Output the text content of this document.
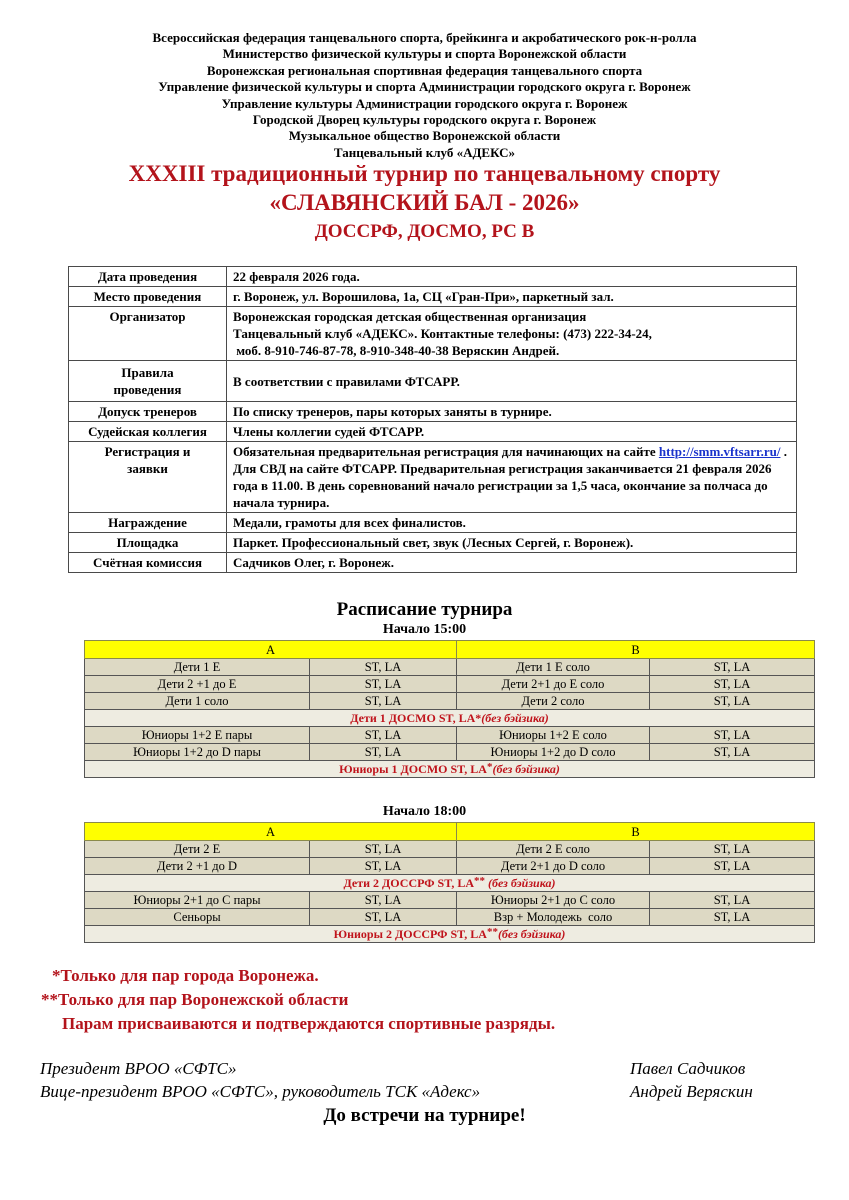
Всероссийская федерация танцевального спорта, брейкинга и акробатического рок-н-ролла
Министерство физической культуры и спорта Воронежской области
Воронежская региональная спортивная федерация танцевального спорта
Управление физической культуры и спорта Администрации городского округа г. Воронеж
Управление культуры Администрации городского округа г. Воронеж
Городской Дворец культуры городского округа г. Воронеж
Музыкальное общество Воронежской области
Танцевальный клуб «АДЕКС»
XXXIII традиционный турнир по танцевальному спорту
«СЛАВЯНСКИЙ БАЛ - 2026»
ДОССРФ, ДОСМО, РС В
Дата проведения	22 февраля 2026 года.
Место проведения	г. Воронеж, ул. Ворошилова, 1а, СЦ «Гран-При», паркетный зал.
Организатор	Воронежская городская детская общественная организация
Танцевальный клуб «АДЕКС». Контактные телефоны: (473) 222-34-24,
моб. 8-910-746-87-78, 8-910-348-40-38 Веряскин Андрей.

Правила
проведения	В соответствии с правилами ФТСАРР.
Допуск тренеров	По списку тренеров, пары которых заняты в турнире.
Судейская коллегия	Члены коллегии судей ФТСАРР.

Регистрация и
заявки	Обязательная предварительная регистрация для начинающих на сайте http://smm.vftsarr.ru/ . Для СВД на сайте ФТСАРР. Предварительная регистрация заканчивается 21 февраля 2026 года в 11.00. В день соревнований начало регистрации за 1,5 часа, окончание за полчаса до начала турнира.
Награждение	Медали, грамоты для всех финалистов.
Площадка	Паркет. Профессиональный свет, звук (Лесных Сергей, г. Воронеж).
Счётная комиссия	Садчиков Олег, г. Воронеж.
Расписание турнира
Начало 15:00
A		B	
Дети 1 E	ST, LA	Дети 1 E соло	ST, LA
Дети 2 +1 до E	ST, LA	Дети 2+1 до E соло	ST, LA
Дети 1 соло	ST, LA	Дети 2 соло	ST, LA
Дети 1 ДОСМО ST, LA*(без бэйзика)			
Юниоры 1+2 E пары	ST, LA	Юниоры 1+2 E соло	ST, LA
Юниоры 1+2 до D пары	ST, LA	Юниоры 1+2 до D соло	ST, LA
Юниоры 1 ДОСМО ST, LA*(без бэйзика)			
Начало 18:00
A		B	
Дети 2 E	ST, LA	Дети 2 E соло	ST, LA
Дети 2 +1 до D	ST, LA	Дети 2+1 до D соло	ST, LA
Дети 2 ДОССРФ ST, LA** (без бэйзика)			
Юниоры 2+1 до C пары	ST, LA	Юниоры 2+1 до C соло	ST, LA
Сеньоры	ST, LA	Взр + Молодежь  соло	ST, LA
Юниоры 2 ДОССРФ ST, LA**(без бэйзика)			
*Только для пар города Воронежа.
**Только для пар Воронежской области
Парам присваиваются и подтверждаются спортивные разряды.
Президент ВРОО «СФТС»
Вице-президент ВРОО «СФТС», руководитель ТСК «Адекс»
Павел Садчиков
Андрей Веряскин
До встречи на турнире!
